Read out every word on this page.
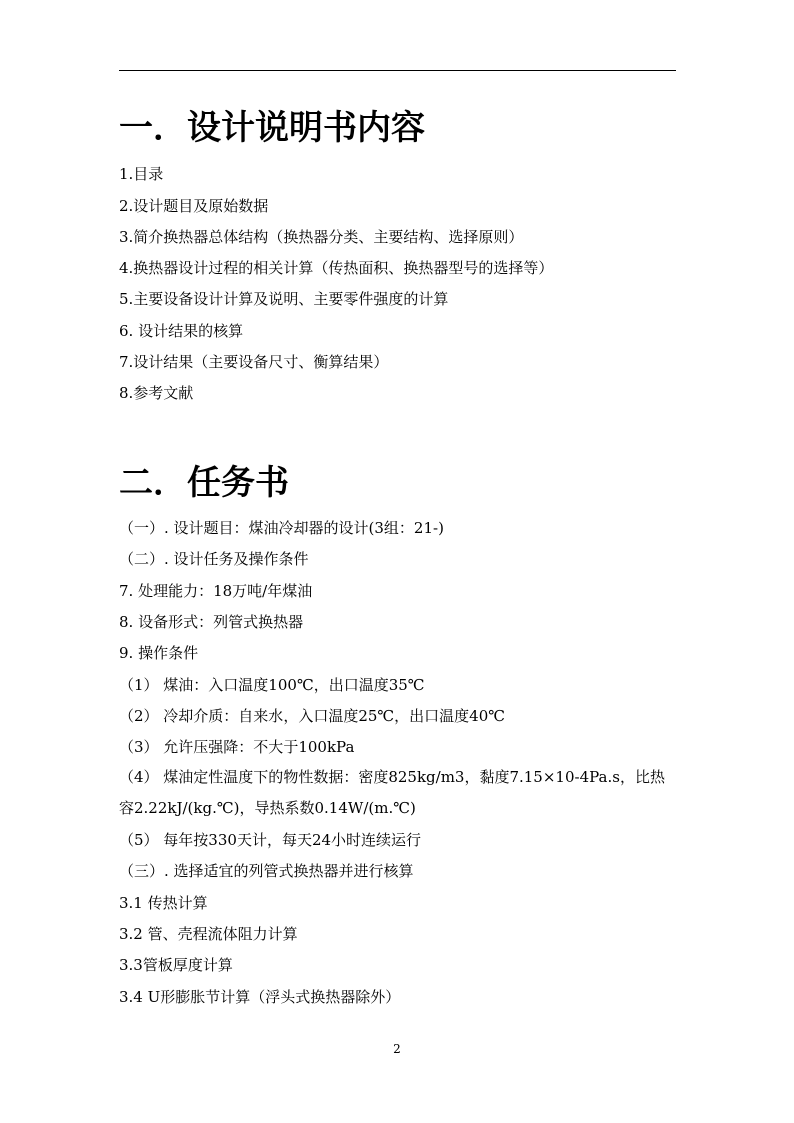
一．设计说明书内容

1.目录

2.设计题目及原始数据

3.简介换热器总体结构（换热器分类、主要结构、选择原则）

4.换热器设计过程的相关计算（传热面积、换热器型号的选择等）

5.主要设备设计计算及说明、主要零件强度的计算

6. 设计结果的核算

7.设计结果（主要设备尺寸、衡算结果）

8.参考文献

二．任务书

（一）. 设计题目：煤油冷却器的设计(3组：21-)

（二）. 设计任务及操作条件

7. 处理能力：18万吨/年煤油

8. 设备形式：列管式换热器

9. 操作条件

（1） 煤油：入口温度100℃，出口温度35℃

（2） 冷却介质：自来水，入口温度25℃，出口温度40℃

（3） 允许压强降：不大于100kPa

（4） 煤油定性温度下的物性数据：密度825kg/m3，黏度7.15×10-4Pa.s，比热容2.22kJ/(kg.℃)，导热系数0.14W/(m.℃)

（5） 每年按330天计，每天24小时连续运行

（三）. 选择适宜的列管式换热器并进行核算

3.1 传热计算

3.2 管、壳程流体阻力计算

3.3管板厚度计算

3.4 U形膨胀节计算（浮头式换热器除外）

2
